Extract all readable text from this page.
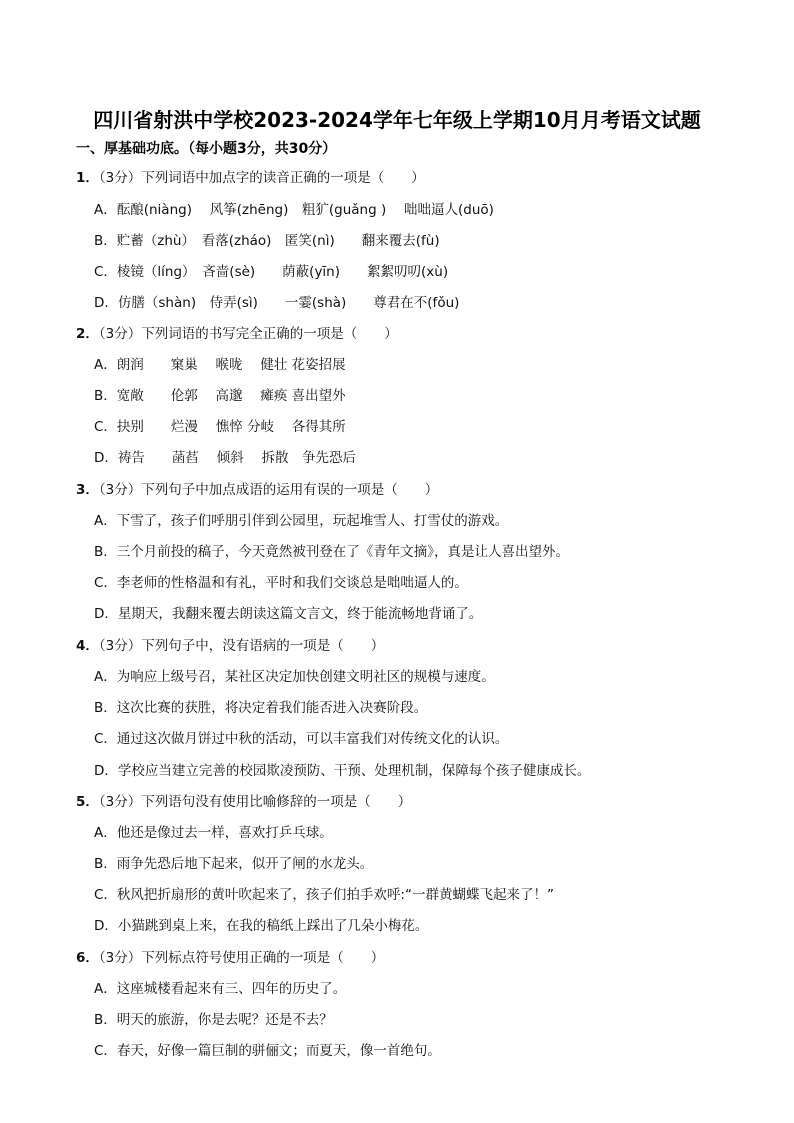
四川省射洪中学校2023-2024学年七年级上学期10月月考语文试题
一、厚基础功底。（每小题3分，共30分）
1．（3分）下列词语中加点字的读音正确的一项是（　　）
A．酝酿(niàng)　 风筝(zhēng)　粗犷(guǎng )　 咄咄逼人(duō)
B．贮蓄（zhù）　看落(zháo)　匿笑(nì)　　翻来覆去(fù)
C．棱镜（líng）　吝啬(sè)　　荫蔽(yīn)　　絮絮叨叨(xù)
D．仿膳（shàn)　侍弄(sì)　　一霎(shà)　　尊君在不(fǒu)
2．（3分）下列词语的书写完全正确的一项是（　　）
A．朗润　　窠巢　 喉咙　 健壮 花姿招展
B．宽敞　　伦郭　 高邈　 瘫痪 喜出望外
C．抉别　　烂漫　 憔悴 分岐　 各得其所
D．祷告　　菡萏　 倾斜　 拆散　争先恐后
3．（3分）下列句子中加点成语的运用有误的一项是（　　）
A．下雪了，孩子们呼朋引伴到公园里，玩起堆雪人、打雪仗的游戏。
B．三个月前投的稿子，今天竟然被刊登在了《青年文摘》，真是让人喜出望外。
C．李老师的性格温和有礼，平时和我们交谈总是咄咄逼人的。
D．星期天，我翻来覆去朗读这篇文言文，终于能流畅地背诵了。
4．（3分）下列句子中，没有语病的一项是（　　）
A．为响应上级号召，某社区决定加快创建文明社区的规模与速度。
B．这次比赛的获胜，将决定着我们能否进入决赛阶段。
C．通过这次做月饼过中秋的活动，可以丰富我们对传统文化的认识。
D．学校应当建立完善的校园欺凌预防、干预、处理机制，保障每个孩子健康成长。
5．（3分）下列语句没有使用比喻修辞的一项是（　　）
A．他还是像过去一样，喜欢打乒乓球。
B．雨争先恐后地下起来，似开了闸的水龙头。
C．秋风把折扇形的黄叶吹起来了，孩子们拍手欢呼:“一群黄蝴蝶飞起来了！”
D．小猫跳到桌上来，在我的稿纸上踩出了几朵小梅花。
6．（3分）下列标点符号使用正确的一项是（　　）
A．这座城楼看起来有三、四年的历史了。
B．明天的旅游，你是去呢？还是不去？
C．春天，好像一篇巨制的骈俪文；而夏天，像一首绝句。
